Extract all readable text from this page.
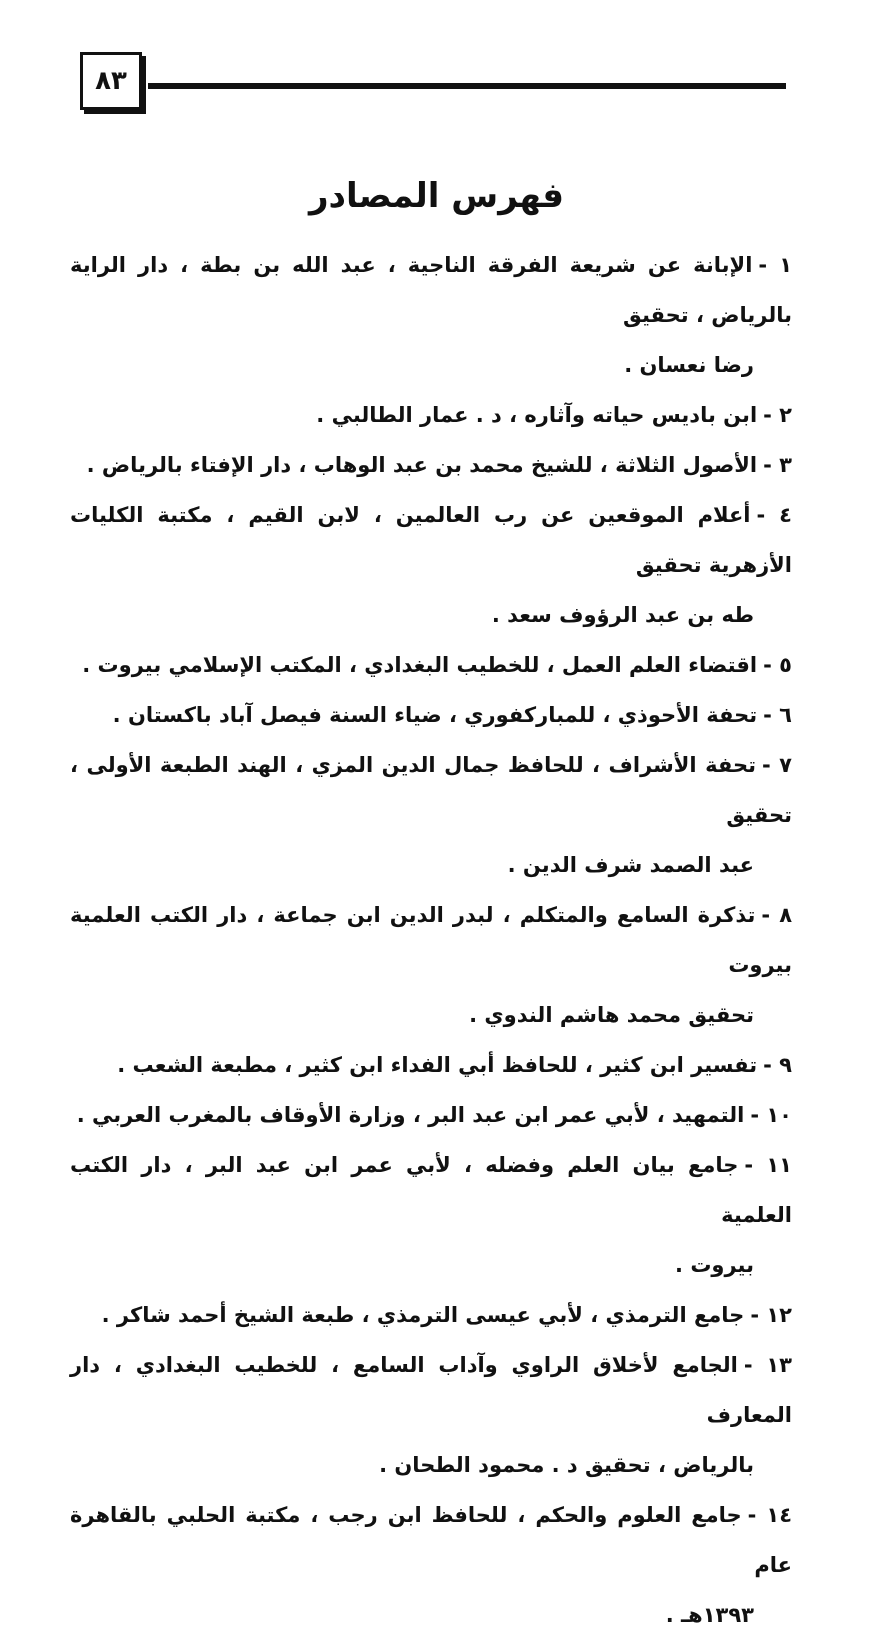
٨٣
فهرس المصادر
١ -الإبانة عن شريعة الفرقة الناجية ، عبد الله بن بطة ، دار الراية بالرياض ، تحقيق
رضا نعسان .
٢ -ابن باديس حياته وآثاره ، د . عمار الطالبي .
٣ -الأصول الثلاثة ، للشيخ محمد بن عبد الوهاب ، دار الإفتاء بالرياض .
٤ -أعلام الموقعين عن رب العالمين ، لابن القيم ، مكتبة الكليات الأزهرية تحقيق
طه بن عبد الرؤوف سعد .
٥ -اقتضاء العلم العمل ، للخطيب البغدادي ، المكتب الإسلامي بيروت .
٦ -تحفة الأحوذي ، للمباركفوري ، ضياء السنة فيصل آباد باكستان .
٧ -تحفة الأشراف ، للحافظ جمال الدين المزي ، الهند الطبعة الأولى ، تحقيق
عبد الصمد شرف الدين .
٨ -تذكرة السامع والمتكلم ، لبدر الدين ابن جماعة ، دار الكتب العلمية بيروت
تحقيق محمد هاشم الندوي .
٩ -تفسير ابن كثير ، للحافظ أبي الفداء ابن كثير ، مطبعة الشعب .
١٠ -التمهيد ، لأبي عمر ابن عبد البر ، وزارة الأوقاف بالمغرب العربي .
١١ -جامع بيان العلم وفضله ، لأبي عمر ابن عبد البر ، دار الكتب العلمية
بيروت .
١٢ -جامع الترمذي ، لأبي عيسى الترمذي ، طبعة الشيخ أحمد شاكر .
١٣ -الجامع لأخلاق الراوي وآداب السامع ، للخطيب البغدادي ، دار المعارف
بالرياض ، تحقيق د . محمود الطحان .
١٤ -جامع العلوم والحكم ، للحافظ ابن رجب ، مكتبة الحلبي بالقاهرة عام
١٣٩٣هـ .
